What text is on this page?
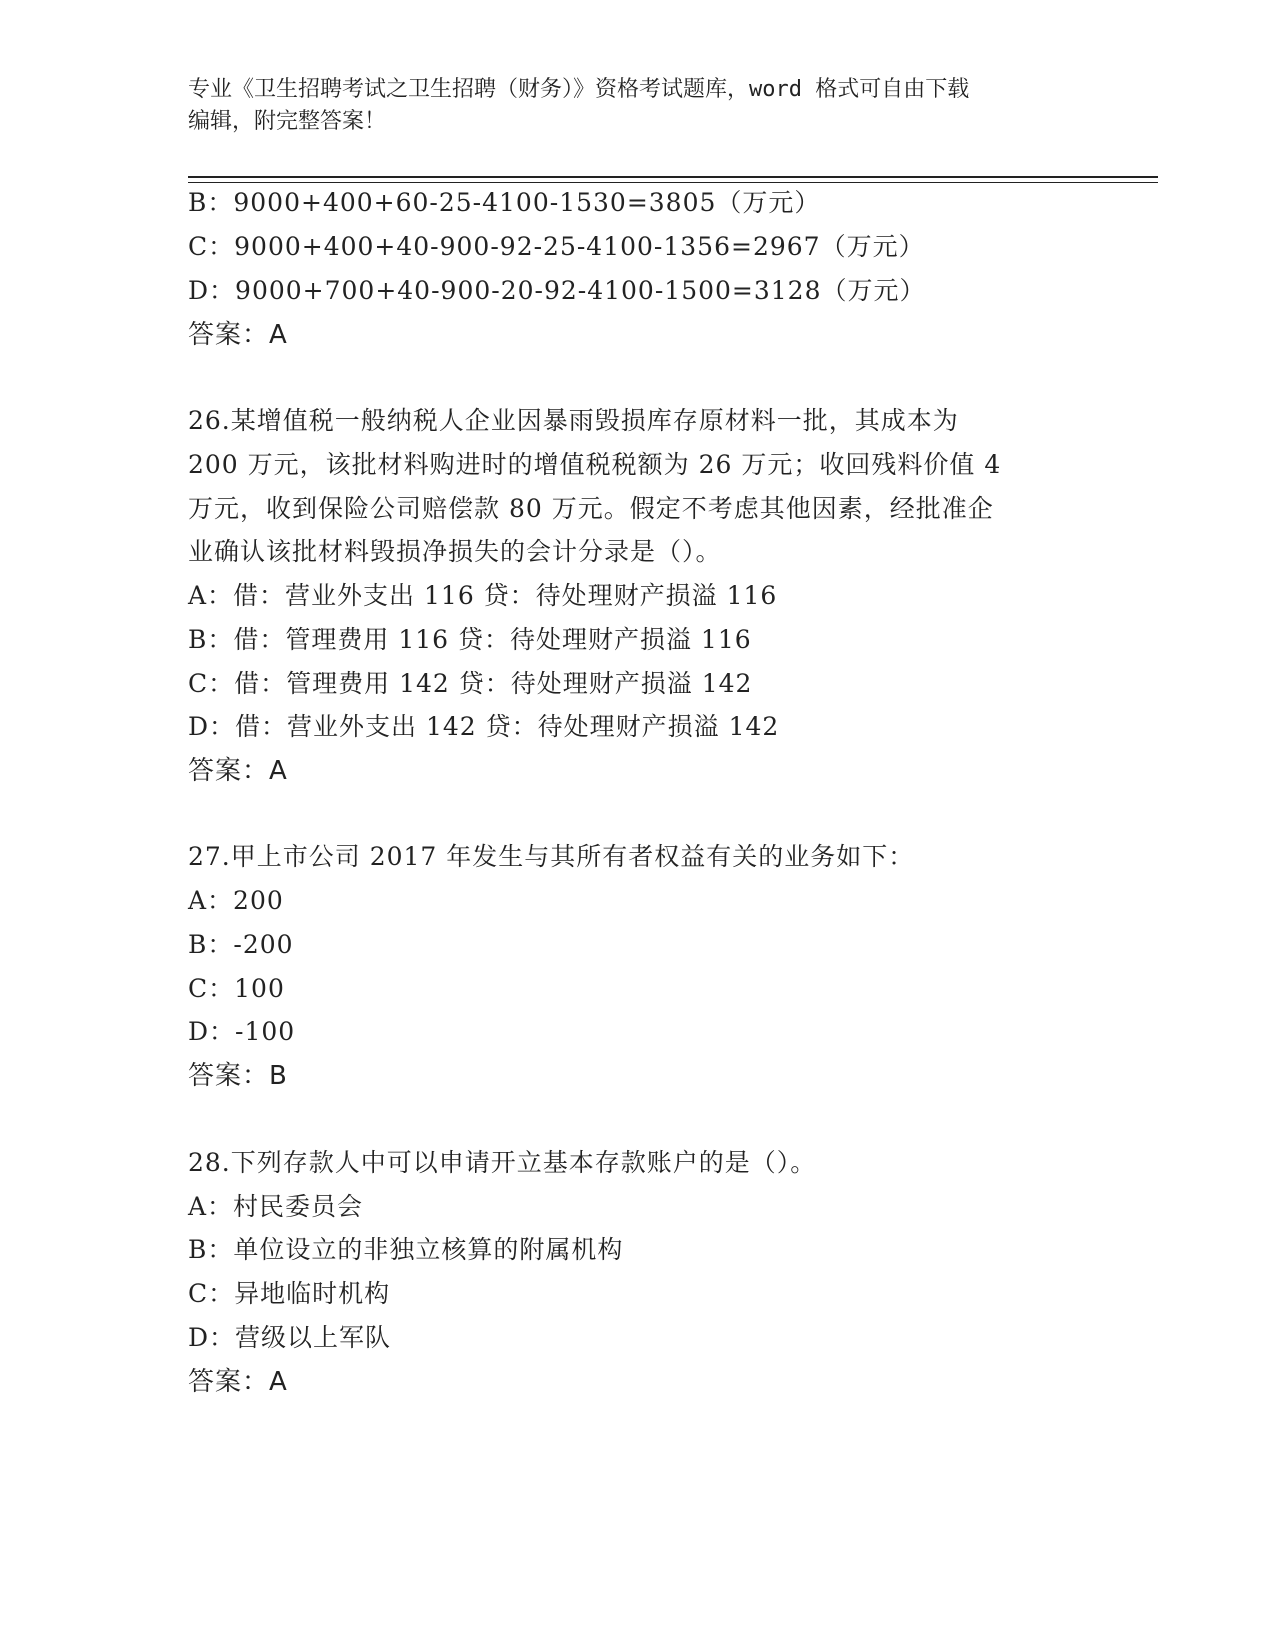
专业《卫生招聘考试之卫生招聘（财务）》资格考试题库，word 格式可自由下载
编辑，附完整答案！
B：9000+400+60-25-4100-1530=3805（万元）
C：9000+400+40-900-92-25-4100-1356=2967（万元）
D：9000+700+40-900-20-92-4100-1500=3128（万元）
答案：A
26.某增值税一般纳税人企业因暴雨毁损库存原材料一批，其成本为
200 万元，该批材料购进时的增值税税额为 26 万元；收回残料价值 4
万元，收到保险公司赔偿款 80 万元。假定不考虑其他因素，经批准企
业确认该批材料毁损净损失的会计分录是（）。
A：借：营业外支出 116 贷：待处理财产损溢 116
B：借：管理费用 116 贷：待处理财产损溢 116
C：借：管理费用 142 贷：待处理财产损溢 142
D：借：营业外支出 142 贷：待处理财产损溢 142
答案：A
27.甲上市公司 2017 年发生与其所有者权益有关的业务如下：
A：200
B：-200
C：100
D：-100
答案：B
28.下列存款人中可以申请开立基本存款账户的是（）。
A：村民委员会
B：单位设立的非独立核算的附属机构
C：异地临时机构
D：营级以上军队
答案：A
